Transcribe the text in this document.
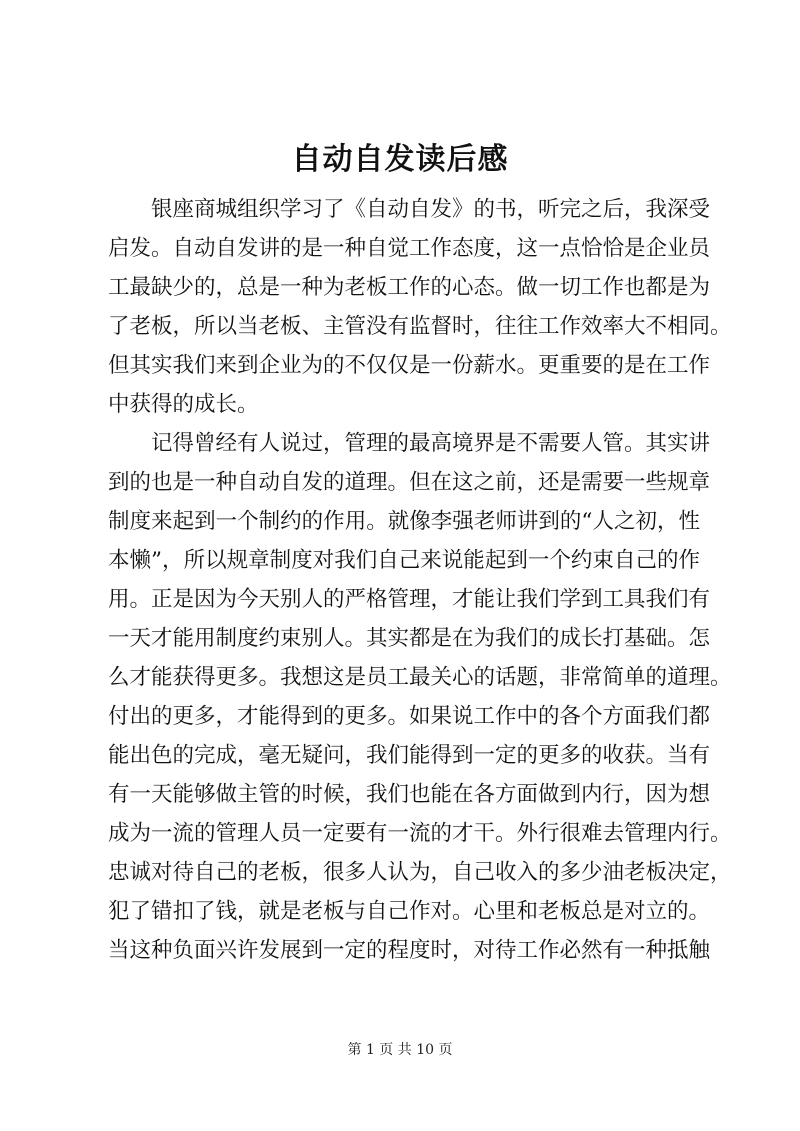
自动自发读后感
银座商城组织学习了《自动自发》的书，听完之后，我深受
启发。自动自发讲的是一种自觉工作态度，这一点恰恰是企业员
工最缺少的，总是一种为老板工作的心态。做一切工作也都是为
了老板，所以当老板、主管没有监督时，往往工作效率大不相同。
但其实我们来到企业为的不仅仅是一份薪水。更重要的是在工作
中获得的成长。
记得曾经有人说过，管理的最高境界是不需要人管。其实讲
到的也是一种自动自发的道理。但在这之前，还是需要一些规章
制度来起到一个制约的作用。就像李强老师讲到的“人之初，性
本懒”，所以规章制度对我们自己来说能起到一个约束自己的作
用。正是因为今天别人的严格管理，才能让我们学到工具我们有
一天才能用制度约束别人。其实都是在为我们的成长打基础。怎
么才能获得更多。我想这是员工最关心的话题，非常简单的道理。
付出的更多，才能得到的更多。如果说工作中的各个方面我们都
能出色的完成，毫无疑问，我们能得到一定的更多的收获。当有
有一天能够做主管的时候，我们也能在各方面做到内行，因为想
成为一流的管理人员一定要有一流的才干。外行很难去管理内行。
忠诚对待自己的老板，很多人认为，自己收入的多少油老板决定，
犯了错扣了钱，就是老板与自己作对。心里和老板总是对立的。
当这种负面兴许发展到一定的程度时，对待工作必然有一种抵触
第 1 页 共 10 页
